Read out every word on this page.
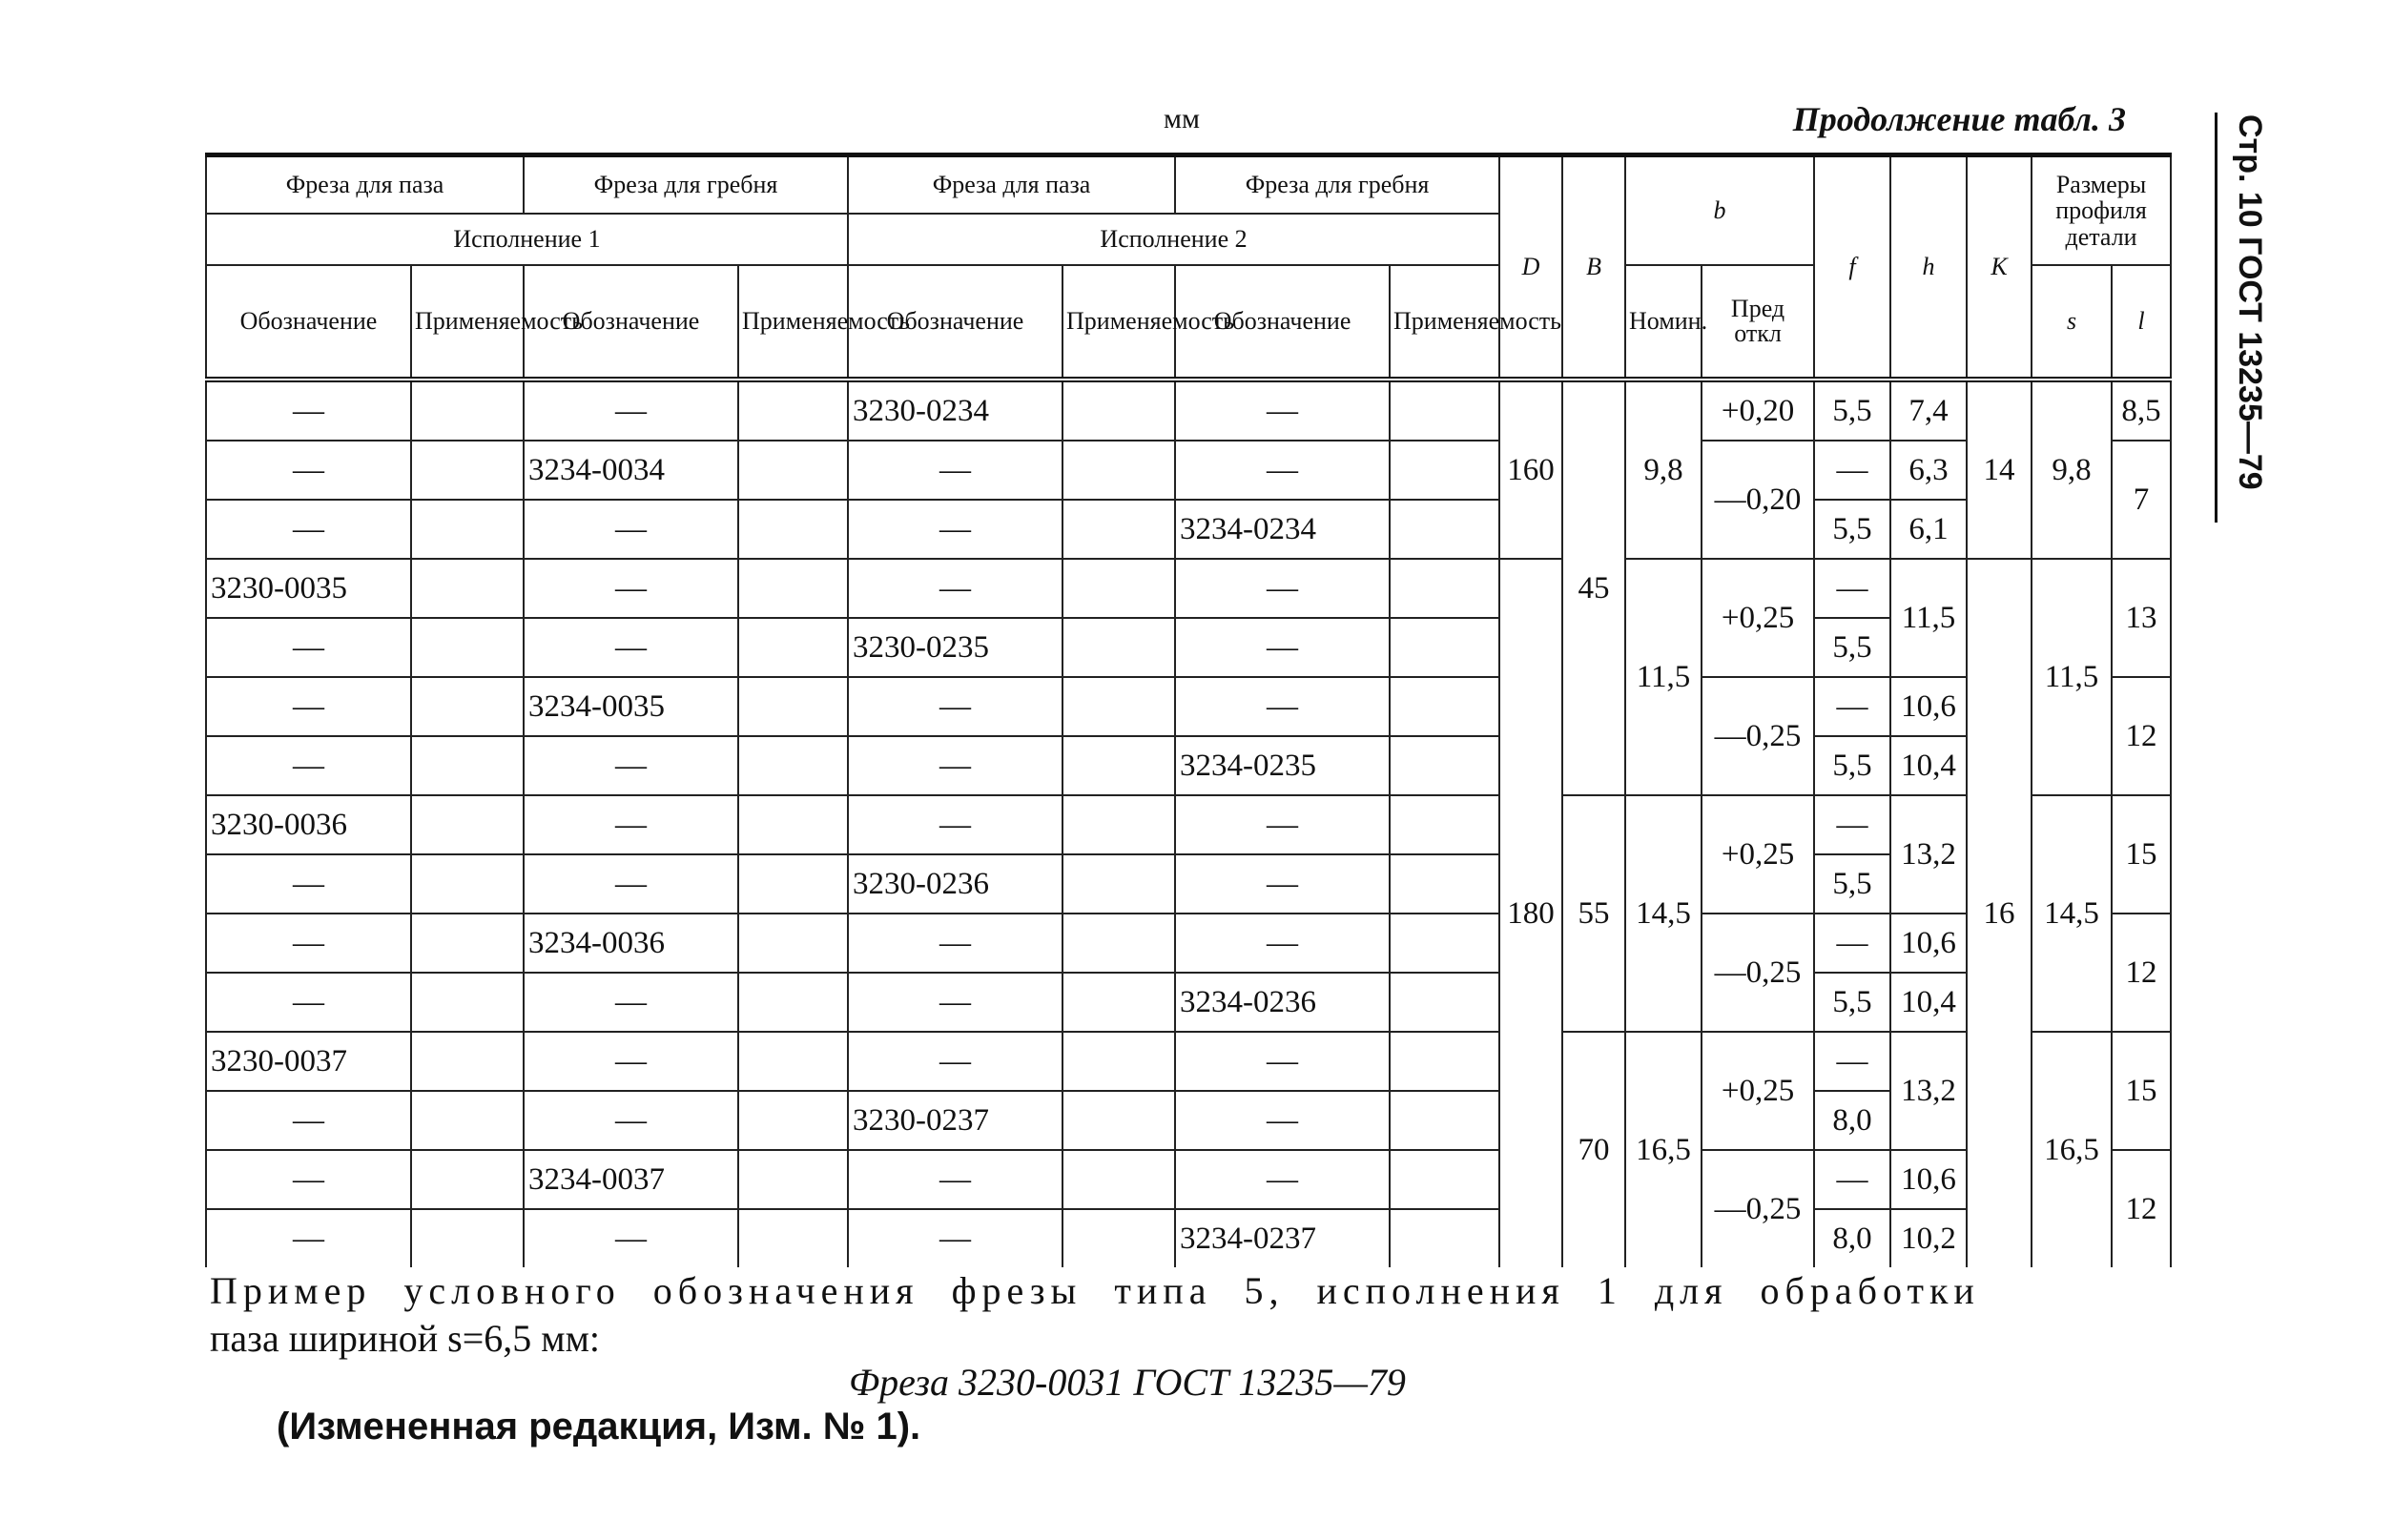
мм	Продолжение табл. 3	Стр. 10 ГОСТ 13235—79
Фреза для паза		Фреза для гребня		Фреза для паза		Фреза для гребня		D	B	b		f	h	K	Размеры профиля детали	
Исполнение 1				Исполнение 2												
Обозначение	Применяемость	Обозначение	Применяемость	Обозначение	Применяемость	Обозначение	Применяемость			Номин.	Пред откл				s	l
—		—		3230-0234		—		160	45	9,8	+0,20	5,5	7,4	14	9,8	8,5
—		3234-0034		—		—					—0,20	—	6,3			7
—		—		—		3234-0234						5,5	6,1			
3230-0035		—		—		—		180		11,5	+0,25	—	11,5	16	11,5	13
—		—		3230-0235		—						5,5				
—		3234-0035		—		—					—0,25	—	10,6			12
—		—		—		3234-0235						5,5	10,4			
3230-0036		—		—		—			55	14,5	+0,25	—	13,2		14,5	15
—		—		3230-0236		—						5,5				
—		3234-0036		—		—					—0,25	—	10,6			12
—		—		—		3234-0236						5,5	10,4			
3230-0037		—		—		—			70	16,5	+0,25	—	13,2		16,5	15
—		—		3230-0237		—						8,0				
—		3234-0037		—		—					—0,25	—	10,6			12
—		—		—		3234-0237						8,0	10,2			
Пример условного обозначения фрезы типа 5, исполнения 1 для обработки
паза шириной s=6,5 мм:
Фреза 3230-0031 ГОСТ 13235—79
(Измененная редакция, Изм. № 1).
